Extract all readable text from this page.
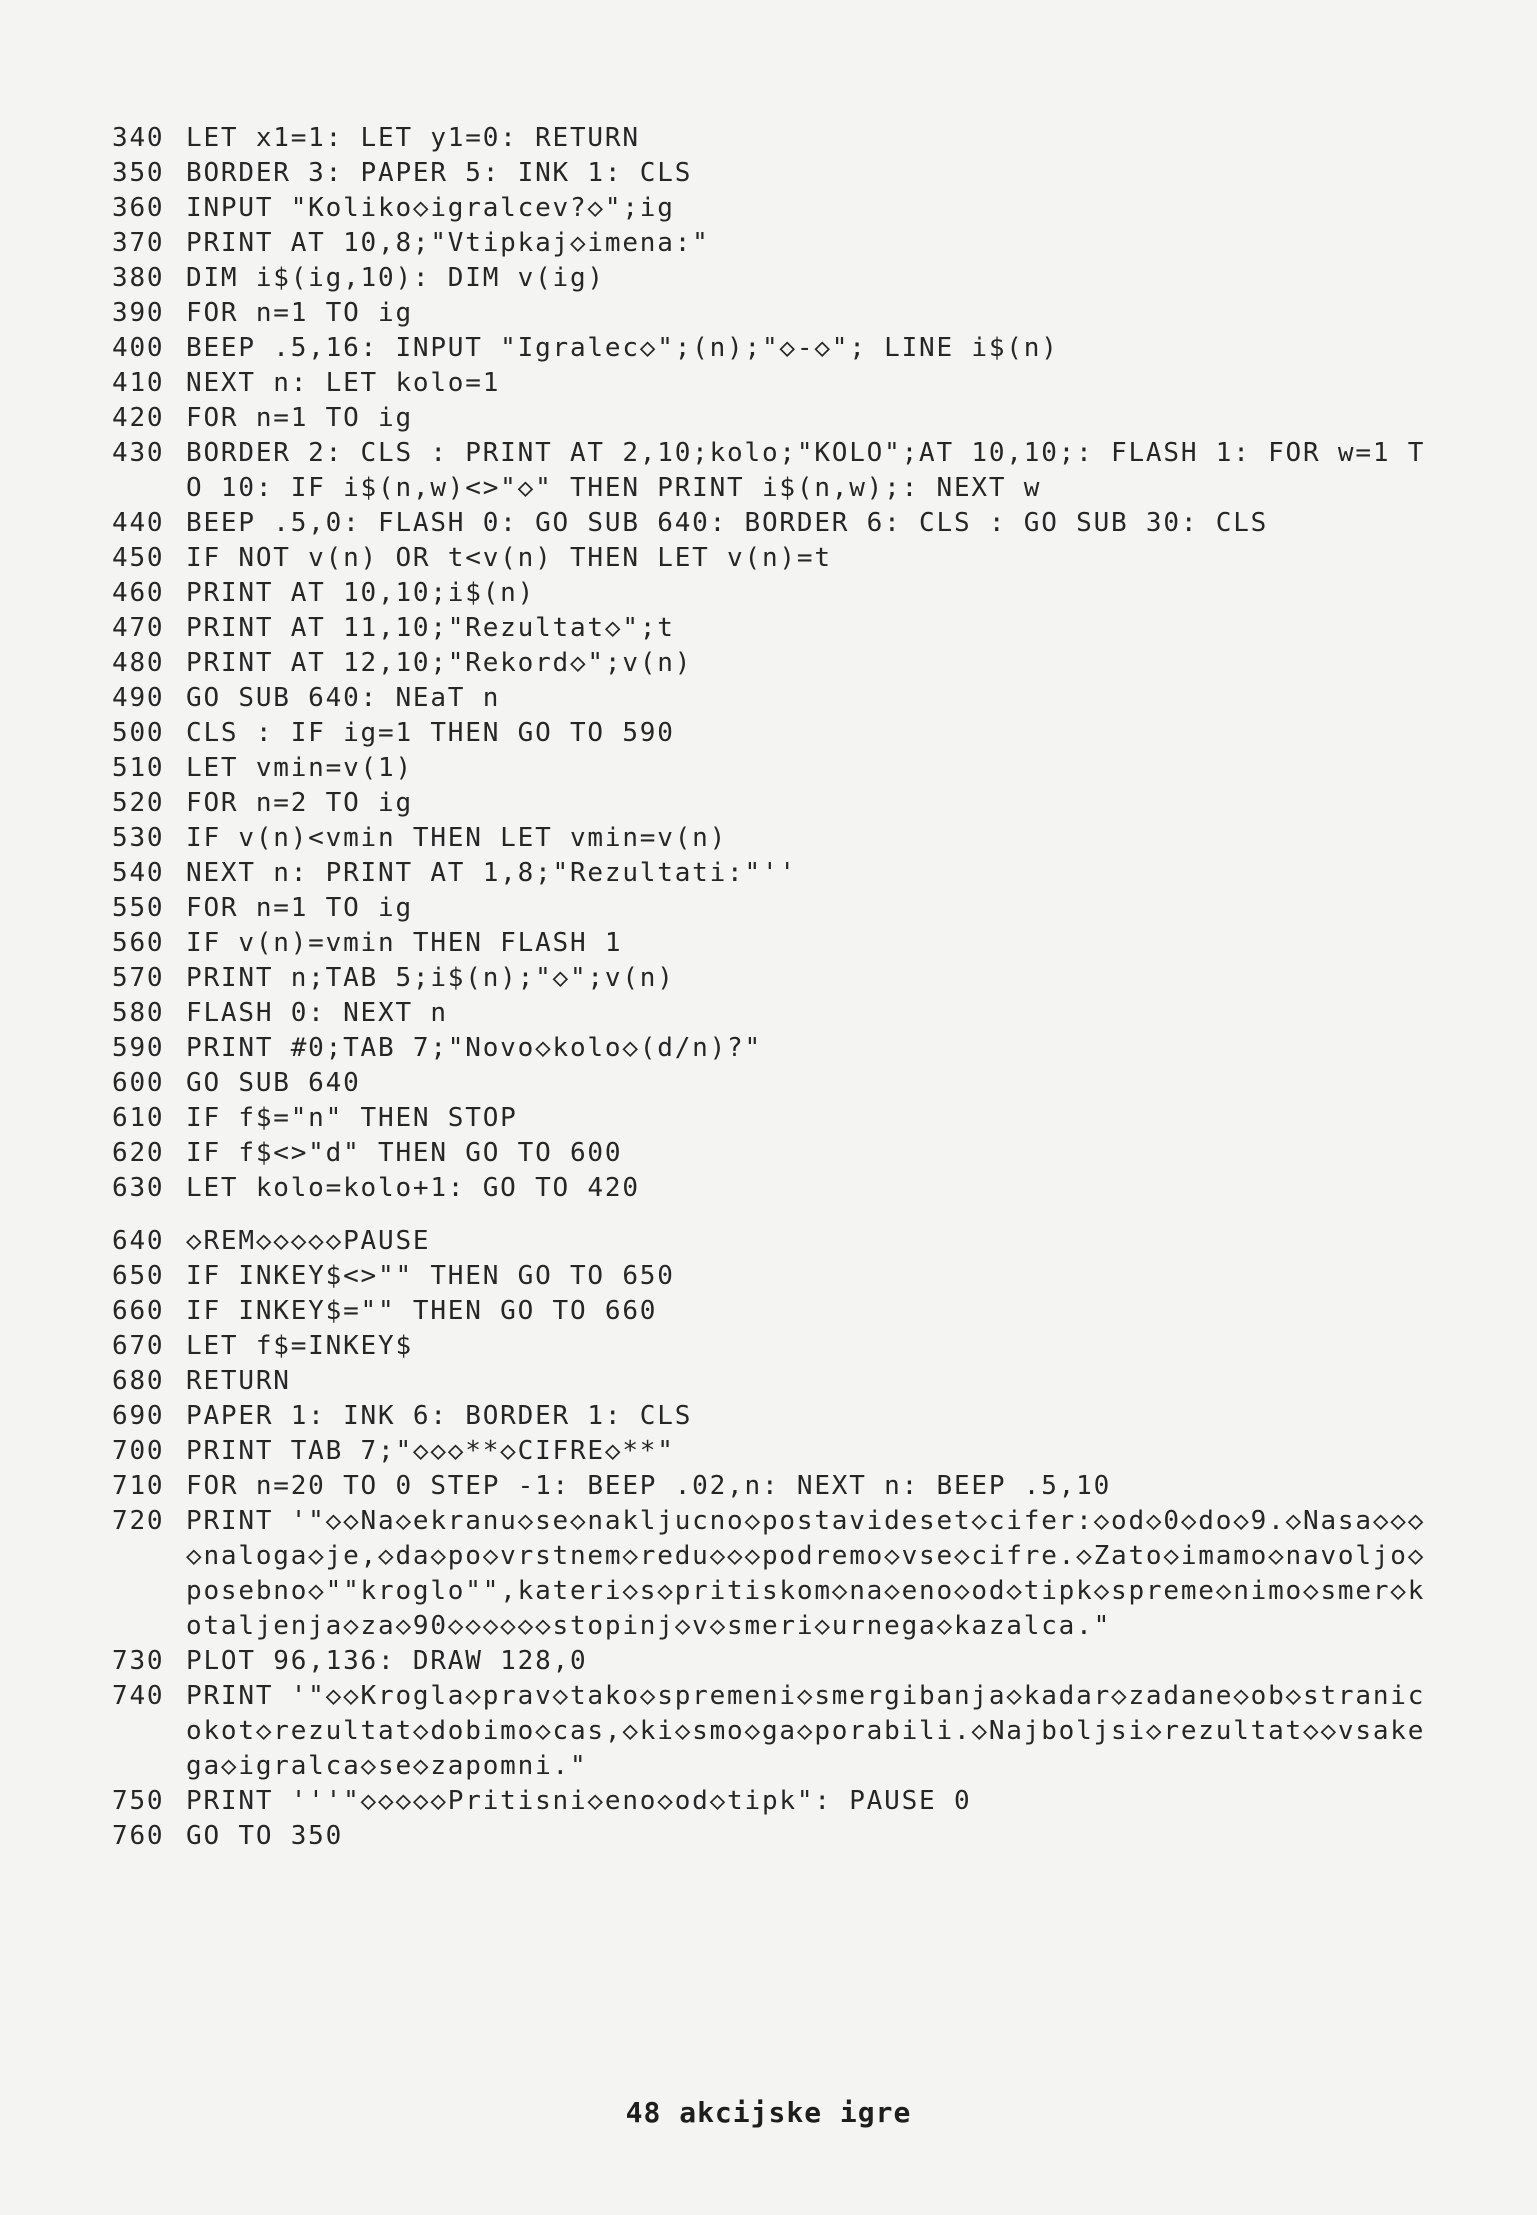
340 LET x1=1: LET y1=0: RETURN
350 BORDER 3: PAPER 5: INK 1: CLS
360 INPUT "Koliko◇igralcev?◇";ig
370 PRINT AT 10,8;"Vtipkaj◇imena:"
380 DIM i$(ig,10): DIM v(ig)
390 FOR n=1 TO ig
400 BEEP .5,16: INPUT "Igralec◇";(n);"◇-◇"; LINE i$(n)
410 NEXT n: LET kolo=1
420 FOR n=1 TO ig
430 BORDER 2: CLS : PRINT AT 2,10;kolo;"KOLO";AT 10,10;: FLASH 1: FOR w=1 TO 10: IF i$(n,w)<>"◇" THEN PRINT i$(n,w);: NEXT w
440 BEEP .5,0: FLASH 0: GO SUB 640: BORDER 6: CLS : GO SUB 30: CLS
450 IF NOT v(n) OR t<v(n) THEN LET v(n)=t
460 PRINT AT 10,10;i$(n)
470 PRINT AT 11,10;"Rezultat◇";t
480 PRINT AT 12,10;"Rekord◇";v(n)
490 GO SUB 640: NEaT n
500 CLS : IF ig=1 THEN GO TO 590
510 LET vmin=v(1)
520 FOR n=2 TO ig
530 IF v(n)<vmin THEN LET vmin=v(n)
540 NEXT n: PRINT AT 1,8;"Rezultati:"''
550 FOR n=1 TO ig
560 IF v(n)=vmin THEN FLASH 1
570 PRINT n;TAB 5;i$(n);"◇";v(n)
580 FLASH 0: NEXT n
590 PRINT #0;TAB 7;"Novo◇kolo◇(d/n)?"
600 GO SUB 640
610 IF f$="n" THEN STOP
620 IF f$<>"d" THEN GO TO 600
630 LET kolo=kolo+1: GO TO 420
640 ◇REM◇◇◇◇◇PAUSE
650 IF INKEY$<>"" THEN GO TO 650
660 IF INKEY$="" THEN GO TO 660
670 LET f$=INKEY$
680 RETURN
690 PAPER 1: INK 6: BORDER 1: CLS
700 PRINT TAB 7;"◇◇◇**◇CIFRE◇**"
710 FOR n=20 TO 0 STEP -1: BEEP .02,n: NEXT n: BEEP .5,10
720 PRINT '"◇◇Na◇ekranu◇se◇nakljucno◇postavideset◇cifer:◇od◇0◇do◇9.◇Nasa◇◇◇◇naloga◇je,◇da◇po◇vrstnem◇redu◇◇◇podremo◇vse◇cifre.◇Zato◇imamo◇navoljo◇posebno◇""kroglo"",kateri◇s◇pritiskom◇na◇eno◇od◇tipk◇spreme◇nimo◇smer◇kotaljenja◇za◇90◇◇◇◇◇◇stopinj◇v◇smeri◇urnega◇kazalca."
730 PLOT 96,136: DRAW 128,0
740 PRINT '"◇◇Krogla◇prav◇tako◇spremeni◇smergibanja◇kadar◇zadane◇ob◇stranicokot◇rezultat◇dobimo◇cas,◇ki◇smo◇ga◇porabili.◇Najboljsi◇rezultat◇◇vsakega◇igralca◇se◇zapomni."
750 PRINT '''"◇◇◇◇◇Pritisni◇eno◇od◇tipk": PAUSE 0
760 GO TO 350
48 akcijske igre
